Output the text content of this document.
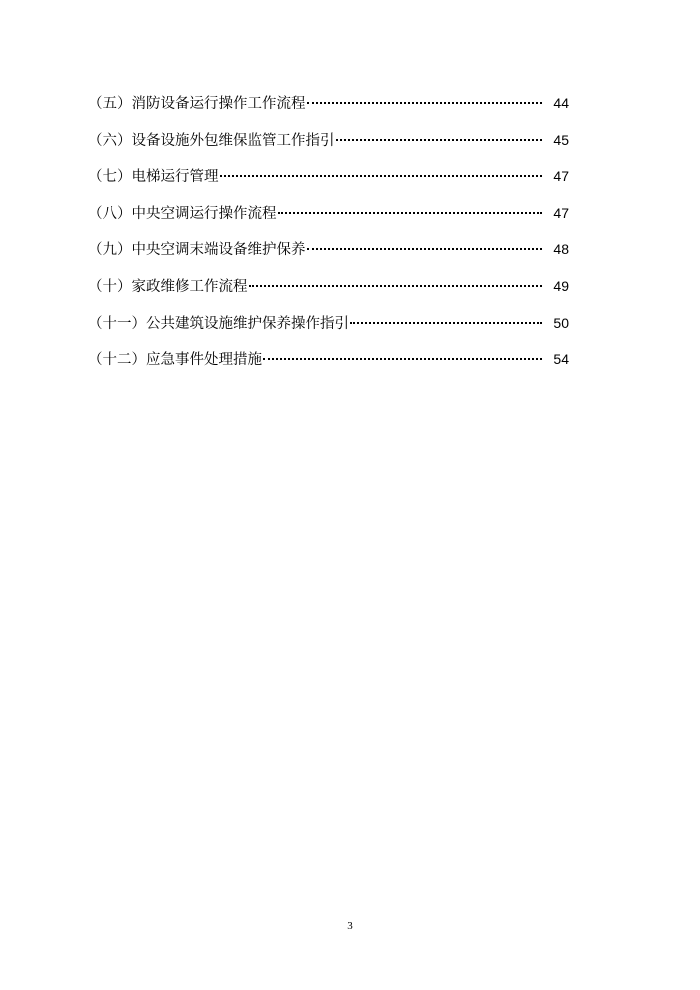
（五）消防设备运行操作工作流程	44
（六）设备设施外包维保监管工作指引	45
（七）电梯运行管理	47
（八）中央空调运行操作流程	47
（九）中央空调末端设备维护保养	48
（十）家政维修工作流程	49
（十一）公共建筑设施维护保养操作指引	50
（十二）应急事件处理措施	54
3
